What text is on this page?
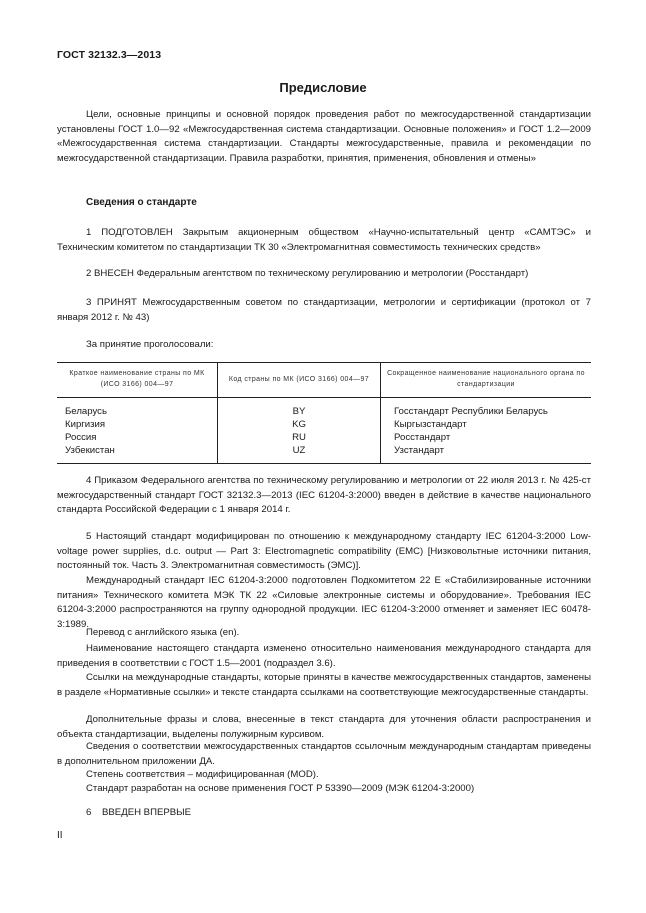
ГОСТ 32132.3—2013
Предисловие

Цели, основные принципы и основной порядок проведения работ по межгосударственной стандартизации установлены ГОСТ 1.0—92 «Межгосударственная система стандартизации. Основные положения» и ГОСТ 1.2—2009 «Межгосударственная система стандартизации. Стандарты межгосударственные, правила и рекомендации по межгосударственной стандартизации. Правила разработки, принятия, применения, обновления и отмены»

Сведения о стандарте

1 ПОДГОТОВЛЕН Закрытым акционерным обществом «Научно-испытательный центр «САМТЭС» и Техническим комитетом по стандартизации ТК 30 «Электромагнитная совместимость технических средств»

2 ВНЕСЕН Федеральным агентством по техническому регулированию и метрологии (Росстандарт)

3 ПРИНЯТ Межгосударственным советом по стандартизации, метрологии и сертификации (протокол от 7 января 2012 г. № 43)

За принятие проголосовали:
Краткое наименование страны по МК (ИСО 3166) 004—97	Код страны по МК (ИСО 3166) 004—97	Сокращенное наименование национального органа по стандартизации
Беларусь	BY	Госстандарт Республики Беларусь
Киргизия	KG	Кыргызстандарт
Россия	RU	Росстандарт
Узбекистан	UZ	Узстандарт

4 Приказом Федерального агентства по техническому регулированию и метрологии от 22 июля 2013 г. № 425-ст межгосударственный стандарт ГОСТ 32132.3—2013 (IEC 61204-3:2000) введен в действие в качестве национального стандарта Российской Федерации с 1 января 2014 г.

5 Настоящий стандарт модифицирован по отношению к международному стандарту IEC 61204-3:2000 Low-voltage power supplies, d.c. output — Part 3: Electromagnetic compatibility (EMC) [Низковольтные источники питания, постоянный ток. Часть 3. Электромагнитная совместимость (ЭМС)].

Международный стандарт IEC 61204-3:2000 подготовлен Подкомитетом 22 E «Стабилизированные источники питания» Технического комитета МЭК ТК 22 «Силовые электронные системы и оборудование». Требования IEC 61204-3:2000 распространяются на группу однородной продукции. IEC 61204-3:2000 отменяет и заменяет IEC 60478-3:1989.

Перевод с английского языка (en).

Наименование настоящего стандарта изменено относительно наименования международного стандарта для приведения в соответствии с ГОСТ 1.5—2001 (подраздел 3.6).

Ссылки на международные стандарты, которые приняты в качестве межгосударственных стандартов, заменены в разделе «Нормативные ссылки» и тексте стандарта ссылками на соответствующие межгосударственные стандарты.

Дополнительные фразы и слова, внесенные в текст стандарта для уточнения области распространения и объекта стандартизации, выделены полужирным курсивом.

Сведения о соответствии межгосударственных стандартов ссылочным международным стандартам приведены в дополнительном приложении ДА.

Степень соответствия – модифицированная (MOD).

Стандарт разработан на основе применения ГОСТ Р 53390—2009 (МЭК 61204-3:2000)

6    ВВЕДЕН ВПЕРВЫЕ

II
